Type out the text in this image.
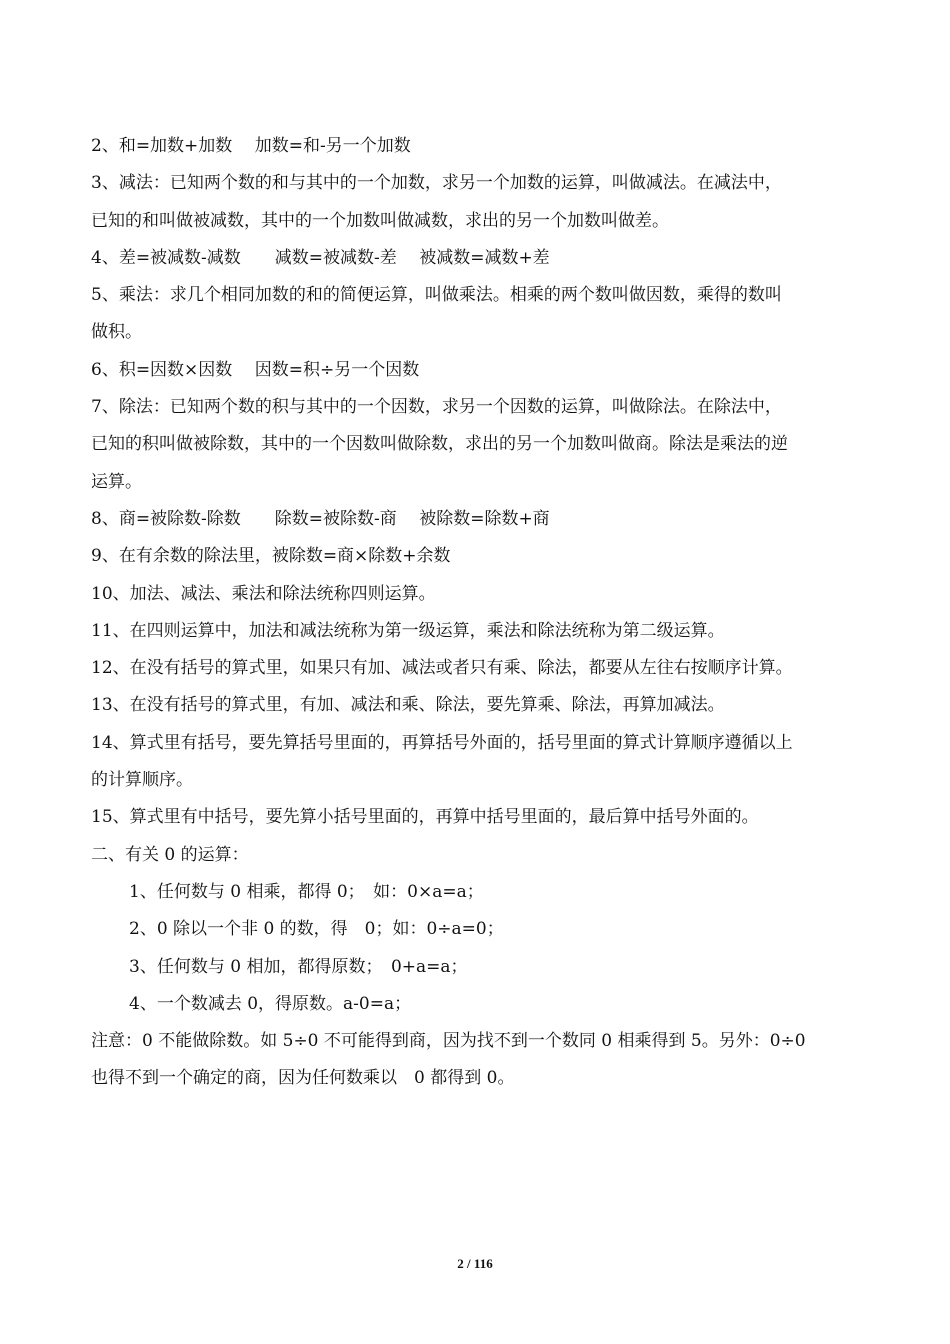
2、和=加数+加数　 加数=和-另一个加数
3、减法：已知两个数的和与其中的一个加数，求另一个加数的运算，叫做减法。在减法中，
已知的和叫做被减数，其中的一个加数叫做减数，求出的另一个加数叫做差。
4、差=被减数-减数　　减数=被减数-差　 被减数=减数+差
5、乘法：求几个相同加数的和的简便运算，叫做乘法。相乘的两个数叫做因数，乘得的数叫
做积。
6、积=因数×因数　 因数=积÷另一个因数
7、除法：已知两个数的积与其中的一个因数，求另一个因数的运算，叫做除法。在除法中，
已知的积叫做被除数，其中的一个因数叫做除数，求出的另一个加数叫做商。除法是乘法的逆
运算。
8、商=被除数-除数　　除数=被除数-商　 被除数=除数+商
9、在有余数的除法里，被除数=商×除数+余数
10、加法、减法、乘法和除法统称四则运算。
11、在四则运算中，加法和减法统称为第一级运算，乘法和除法统称为第二级运算。
12、在没有括号的算式里，如果只有加、减法或者只有乘、除法，都要从左往右按顺序计算。
13、在没有括号的算式里，有加、减法和乘、除法，要先算乘、除法，再算加减法。
14、算式里有括号，要先算括号里面的，再算括号外面的，括号里面的算式计算顺序遵循以上
的计算顺序。
15、算式里有中括号，要先算小括号里面的，再算中括号里面的，最后算中括号外面的。
二、有关 0 的运算：
1、任何数与 0 相乘，都得 0；　如：0×a=a；
2、0 除以一个非 0 的数，得　0；如：0÷a=0；
3、任何数与 0 相加，都得原数；　0+a=a；
4、一个数减去 0，得原数。a-0=a；
注意：0 不能做除数。如 5÷0 不可能得到商，因为找不到一个数同 0 相乘得到 5。另外：0÷0
也得不到一个确定的商，因为任何数乘以　0 都得到 0。
2 / 116
